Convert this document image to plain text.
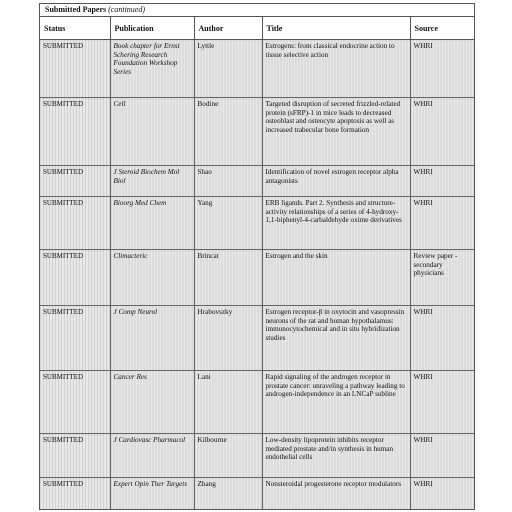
Submitted Papers (continued)
Status	Publication	Author	Title	Source
SUBMITTED	Book chapter for Ernst Schering Research Foundation Workshop Series	Lyttle	Estrogens: from classical endocrine action to tissue selective action	WHRI
SUBMITTED	Cell	Bodine	Targeted disruption of secreted frizzled-related protein (sFRP)-1 in mice leads to decreased osteoblast and osteocyte apoptosis as well as increased trabecular bone formation	WHRI
SUBMITTED	J Steroid Biochem Mol Biol	Shao	Identification of novel estrogen receptor alpha antagonists	WHRI
SUBMITTED	Bioorg Med Chem	Yang	ERB ligands. Part 2. Synthesis and structure-activity relationships of a series of 4-hydroxy-1,1-biphenyl-4-carbaldehyde oxime derivatives	WHRI
SUBMITTED	Climacteric	Brincat	Estrogen and the skin	Review paper - secondary physicians
SUBMITTED	J Comp Neurol	Hrabovszky	Estrogen receptor-β in oxytocin and vasopressin neurons of the rat and human hypothalamus: immunocytochemical and in situ hybridization studies	WHRI
SUBMITTED	Cancer Res	Lani	Rapid signaling of the androgen receptor in prostate cancer: unraveling a pathway leading to androgen-independence in an LNCaP subline	WHRI
SUBMITTED	J Cardiovasc Pharmacol	Kilbourne	Low-density lipoprotein inhibits receptor mediated prostate and/in synthesis in human endothelial cells	WHRI
SUBMITTED	Expert Opin Ther Targets	Zhang	Nonsteroidal progesterone receptor modulators	WHRI
